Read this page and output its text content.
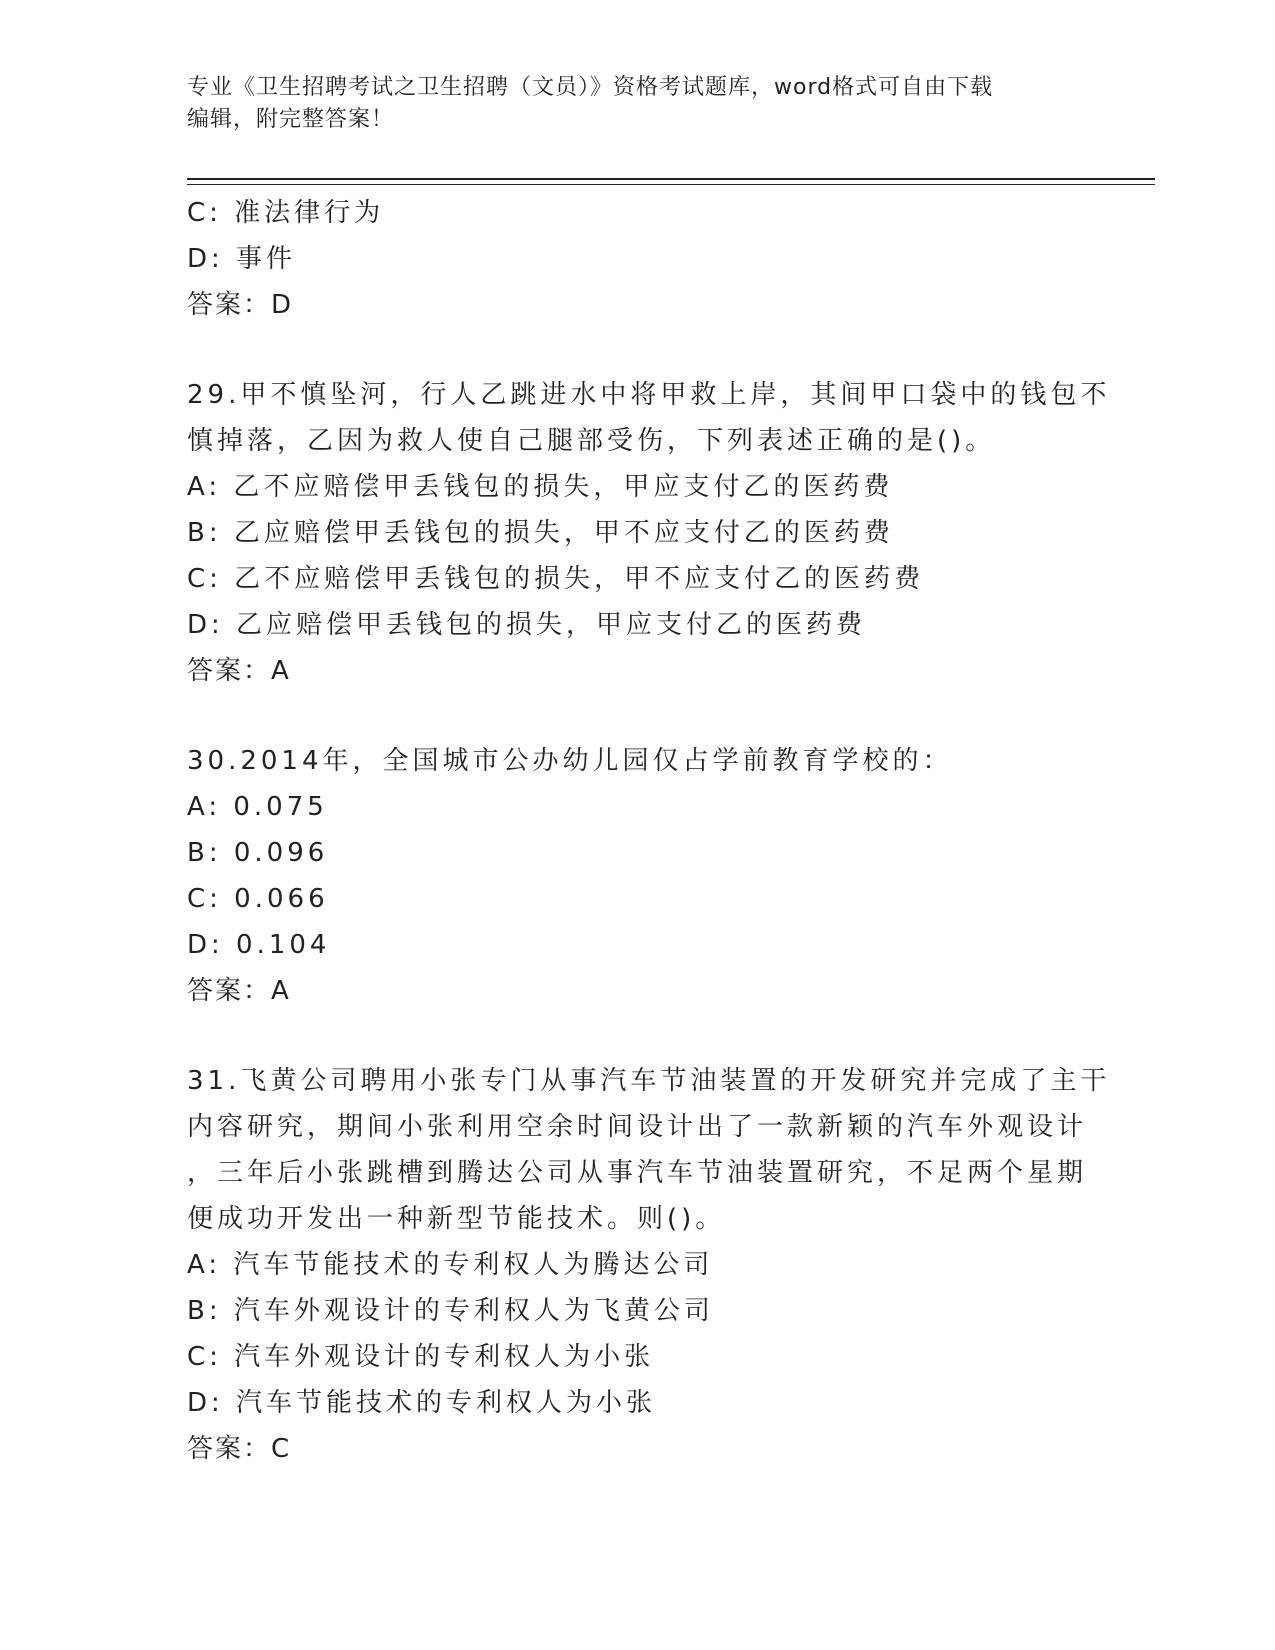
专业《卫生招聘考试之卫生招聘（文员）》资格考试题库，word格式可自由下载
编辑，附完整答案！
C: 准法律行为
D: 事件
答案：D
29.甲不慎坠河，行人乙跳进水中将甲救上岸，其间甲口袋中的钱包不
慎掉落，乙因为救人使自己腿部受伤，下列表述正确的是()。
A: 乙不应赔偿甲丢钱包的损失，甲应支付乙的医药费
B: 乙应赔偿甲丢钱包的损失，甲不应支付乙的医药费
C: 乙不应赔偿甲丢钱包的损失，甲不应支付乙的医药费
D: 乙应赔偿甲丢钱包的损失，甲应支付乙的医药费
答案：A
30.2014年，全国城市公办幼儿园仅占学前教育学校的：
A: 0.075
B: 0.096
C: 0.066
D: 0.104
答案：A
31.飞黄公司聘用小张专门从事汽车节油装置的开发研究并完成了主干
内容研究，期间小张利用空余时间设计出了一款新颖的汽车外观设计
，三年后小张跳槽到腾达公司从事汽车节油装置研究，不足两个星期
便成功开发出一种新型节能技术。则()。
A: 汽车节能技术的专利权人为腾达公司
B: 汽车外观设计的专利权人为飞黄公司
C: 汽车外观设计的专利权人为小张
D: 汽车节能技术的专利权人为小张
答案：C
